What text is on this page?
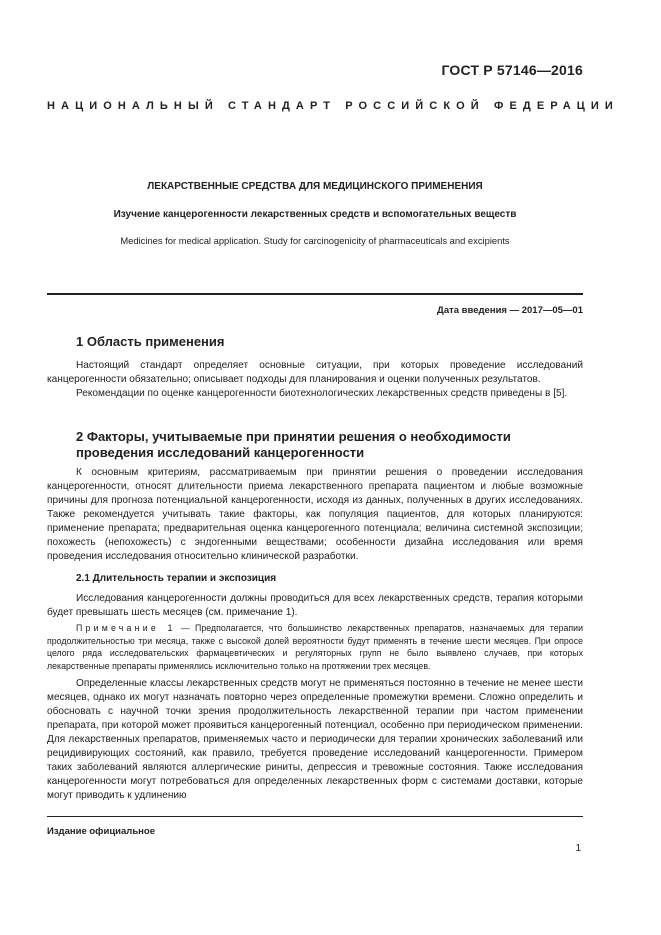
ГОСТ Р 57146—2016
НАЦИОНАЛЬНЫЙ СТАНДАРТ РОССИЙСКОЙ ФЕДЕРАЦИИ
ЛЕКАРСТВЕННЫЕ СРЕДСТВА ДЛЯ МЕДИЦИНСКОГО ПРИМЕНЕНИЯ
Изучение канцерогенности лекарственных средств и вспомогательных веществ
Medicines for medical application. Study for carcinogenicity of pharmaceuticals and excipients
Дата введения — 2017—05—01
1 Область применения
Настоящий стандарт определяет основные ситуации, при которых проведение исследований канцерогенности обязательно; описывает подходы для планирования и оценки полученных результатов.
Рекомендации по оценке канцерогенности биотехнологических лекарственных средств приведены в [5].
2 Факторы, учитываемые при принятии решения о необходимости проведения исследований канцерогенности
К основным критериям, рассматриваемым при принятии решения о проведении исследования канцерогенности, относят длительности приема лекарственного препарата пациентом и любые возможные причины для прогноза потенциальной канцерогенности, исходя из данных, полученных в других исследованиях. Также рекомендуется учитывать такие факторы, как популяция пациентов, для которых планируются: применение препарата; предварительная оценка канцерогенного потенциала; величина системной экспозиции; похожесть (непохожесть) с эндогенными веществами; особенности дизайна исследования или время проведения исследования относительно клинической разработки.
2.1 Длительность терапии и экспозиция
Исследования канцерогенности должны проводиться для всех лекарственных средств, терапия которыми будет превышать шесть месяцев (см. примечание 1).
Примечание 1 — Предполагается, что большинство лекарственных препаратов, назначаемых для терапии продолжительностью три месяца, также с высокой долей вероятности будут применять в течение шести месяцев. При опросе целого ряда исследовательских фармацевтических и регуляторных групп не было выявлено случаев, при которых лекарственные препараты применялись исключительно только на протяжении трех месяцев.
Определенные классы лекарственных средств могут не применяться постоянно в течение не менее шести месяцев, однако их могут назначать повторно через определенные промежутки времени. Сложно определить и обосновать с научной точки зрения продолжительность лекарственной терапии при частом применении препарата, при которой может проявиться канцерогенный потенциал, особенно при периодическом применении. Для лекарственных препаратов, применяемых часто и периодически для терапии хронических заболеваний или рецидивирующих состояний, как правило, требуется проведение исследований канцерогенности. Примером таких заболеваний являются аллергические риниты, депрессия и тревожные состояния. Также исследования канцерогенности могут потребоваться для определенных лекарственных форм с системами доставки, которые могут приводить к удлинению
Издание официальное
1
